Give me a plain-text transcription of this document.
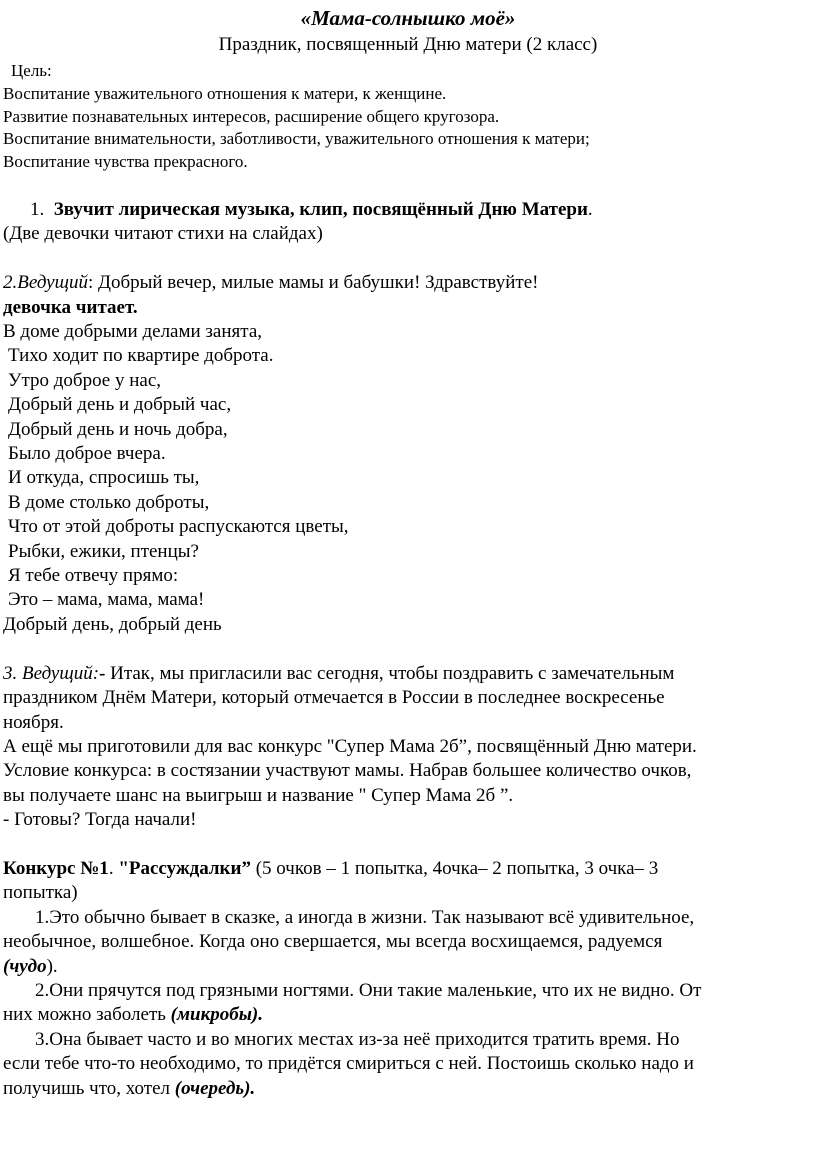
«Мама-солнышко моё»
Праздник, посвященный Дню матери (2 класс)
Цель:
Воспитание уважительного отношения к матери, к женщине.
Развитие познавательных интересов, расширение общего кругозора.
Воспитание внимательности, заботливости, уважительного отношения к матери;
Воспитание чувства прекрасного.

1. Звучит лирическая музыка, клип, посвящённый Дню Матери.

(Две девочки читают стихи на слайдах)

2.Ведущий: Добрый вечер, милые мамы и бабушки! Здравствуйте!

девочка читает.

В доме добрыми делами занята,

Тихо ходит по квартире доброта.

Утро доброе у нас,

Добрый день и добрый час,

Добрый день и ночь добра,

Было доброе вчера.

И откуда, спросишь ты,

В доме столько доброты,

Что от этой доброты распускаются цветы,

Рыбки, ежики, птенцы?

Я тебе отвечу прямо:

Это – мама, мама, мама!

Добрый день, добрый день

3. Ведущий:- Итак, мы пригласили вас сегодня, чтобы поздравить с замечательным

праздником Днём Матери, который отмечается в России в последнее воскресенье

ноября.

А ещё мы приготовили для вас конкурс "Супер Мама 2б”, посвящённый Дню матери.

Условие конкурса: в состязании участвуют мамы. Набрав большее количество очков,

вы получаете шанс на выигрыш и название " Супер Мама 2б ”.

- Готовы? Тогда начали!

Конкурс №1. "Рассуждалки” (5 очков – 1 попытка, 4очка– 2 попытка, 3 очка– 3

попытка)

1.Это обычно бывает в сказке, а иногда в жизни. Так называют всё удивительное,

необычное, волшебное. Когда оно свершается, мы всегда восхищаемся, радуемся

(чудо).

2.Они прячутся под грязными ногтями. Они такие маленькие, что их не видно. От

них можно заболеть (микробы).

3.Она бывает часто и во многих местах из-за неё приходится тратить время. Но

если тебе что-то необходимо, то придётся смириться с ней. Постоишь сколько надо и

получишь что, хотел (очередь).
